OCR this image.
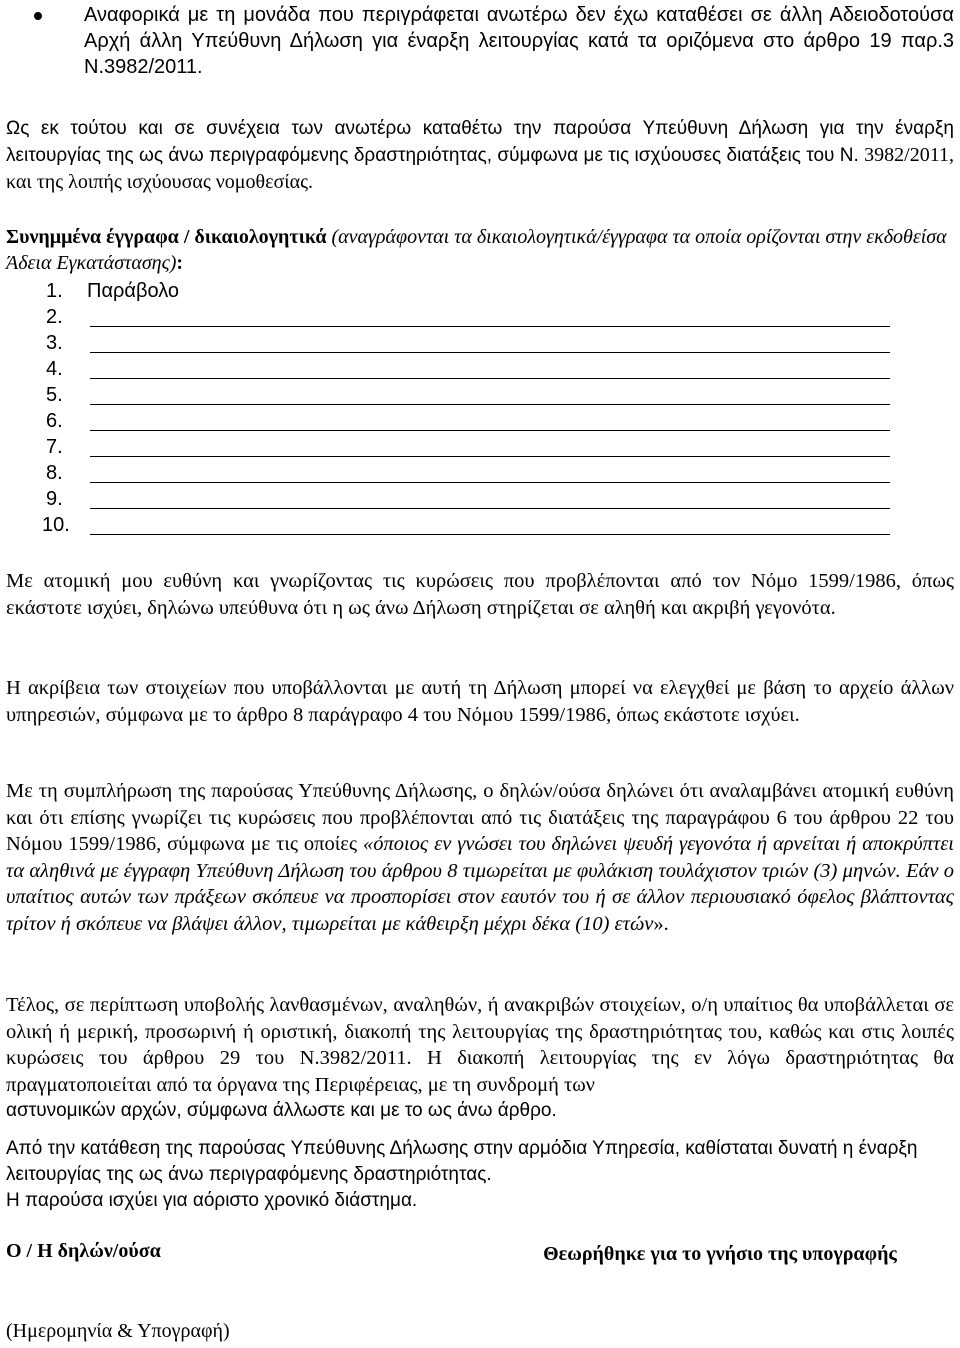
Αναφορικά με τη μονάδα που περιγράφεται ανωτέρω δεν έχω καταθέσει σε άλλη Αδειοδοτούσα Αρχή άλλη Υπεύθυνη Δήλωση για έναρξη λειτουργίας κατά τα οριζόμενα στο άρθρο 19 παρ.3 Ν.3982/2011.
Ως εκ τούτου και σε συνέχεια των ανωτέρω καταθέτω την παρούσα Υπεύθυνη Δήλωση για την έναρξη λειτουργίας της ως άνω περιγραφόμενης δραστηριότητας, σύμφωνα με τις ισχύουσες διατάξεις του Ν. 3982/2011, και της λοιπής ισχύουσας νομοθεσίας.
Συνημμένα έγγραφα / δικαιολογητικά (αναγράφονται τα δικαιολογητικά/έγγραφα τα οποία ορίζονται στην εκδοθείσα Άδεια Εγκατάστασης):
1. Παράβολο
2.
3.
4.
5.
6.
7.
8.
9.
10.
Με ατομική μου ευθύνη και γνωρίζοντας τις κυρώσεις που προβλέπονται από τον Νόμο 1599/1986, όπως εκάστοτε ισχύει, δηλώνω υπεύθυνα ότι η ως άνω Δήλωση στηρίζεται σε αληθή και ακριβή γεγονότα.
Η ακρίβεια των στοιχείων που υποβάλλονται με αυτή τη Δήλωση μπορεί να ελεγχθεί με βάση το αρχείο άλλων υπηρεσιών, σύμφωνα με το άρθρο 8 παράγραφο 4 του Νόμου 1599/1986, όπως εκάστοτε ισχύει.
Με τη συμπλήρωση της παρούσας Υπεύθυνης Δήλωσης, ο δηλών/ούσα δηλώνει ότι αναλαμβάνει ατομική ευθύνη και ότι επίσης γνωρίζει τις κυρώσεις που προβλέπονται από τις διατάξεις της παραγράφου 6 του άρθρου 22 του Νόμου 1599/1986, σύμφωνα με τις οποίες «όποιος εν γνώσει του δηλώνει ψευδή γεγονότα ή αρνείται ή αποκρύπτει τα αληθινά με έγγραφη Υπεύθυνη Δήλωση του άρθρου 8 τιμωρείται με φυλάκιση τουλάχιστον τριών (3) μηνών. Εάν ο υπαίτιος αυτών των πράξεων σκόπευε να προσπορίσει στον εαυτόν του ή σε άλλον περιουσιακό όφελος βλάπτοντας τρίτον ή σκόπευε να βλάψει άλλον, τιμωρείται με κάθειρξη μέχρι δέκα (10) ετών».
Τέλος, σε περίπτωση υποβολής λανθασμένων, αναληθών, ή ανακριβών στοιχείων, ο/η υπαίτιος θα υποβάλλεται σε ολική ή μερική, προσωρινή ή οριστική, διακοπή της λειτουργίας της δραστηριότητας του, καθώς και στις λοιπές κυρώσεις του άρθρου 29 του Ν.3982/2011. Η διακοπή λειτουργίας της εν λόγω δραστηριότητας θα πραγματοποιείται από τα όργανα της Περιφέρειας, με τη συνδρομή των
αστυνομικών αρχών, σύμφωνα άλλωστε και με το ως άνω άρθρο.
Από την κατάθεση της παρούσας Υπεύθυνης Δήλωσης στην αρμόδια Υπηρεσία, καθίσταται δυνατή η έναρξη λειτουργίας της ως άνω περιγραφόμενης δραστηριότητας.
Η παρούσα ισχύει για αόριστο χρονικό διάστημα.
Ο / Η δηλών/ούσα	Θεωρήθηκε για το γνήσιο της υπογραφής
(Ημερομηνία & Υπογραφή)
